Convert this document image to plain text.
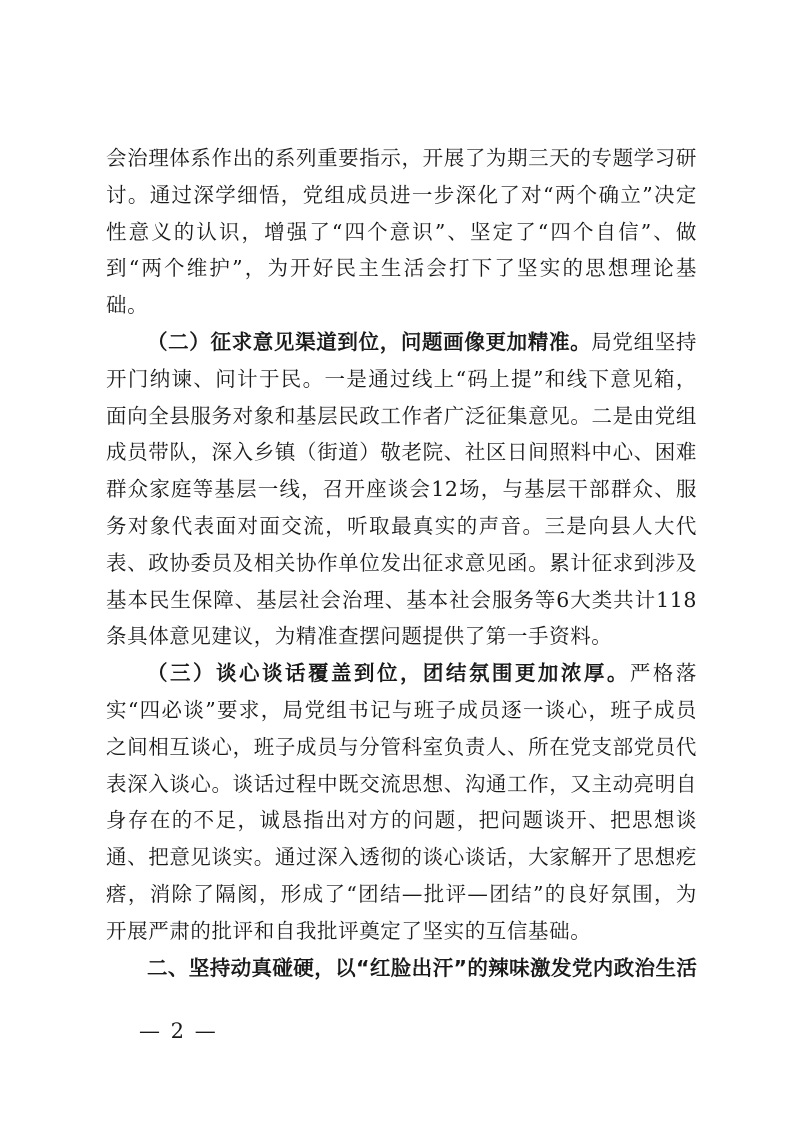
会治理体系作出的系列重要指示，开展了为期三天的专题学习研讨。通过深学细悟，党组成员进一步深化了对“两个确立”决定性意义的认识，增强了“四个意识”、坚定了“四个自信”、做到“两个维护”，为开好民主生活会打下了坚实的思想理论基础。

（二）征求意见渠道到位，问题画像更加精准。局党组坚持开门纳谏、问计于民。一是通过线上“码上提”和线下意见箱，面向全县服务对象和基层民政工作者广泛征集意见。二是由党组成员带队，深入乡镇（街道）敬老院、社区日间照料中心、困难群众家庭等基层一线，召开座谈会12场，与基层干部群众、服务对象代表面对面交流，听取最真实的声音。三是向县人大代表、政协委员及相关协作单位发出征求意见函。累计征求到涉及基本民生保障、基层社会治理、基本社会服务等6大类共计118条具体意见建议，为精准查摆问题提供了第一手资料。

（三）谈心谈话覆盖到位，团结氛围更加浓厚。严格落实“四必谈”要求，局党组书记与班子成员逐一谈心，班子成员之间相互谈心，班子成员与分管科室负责人、所在党支部党员代表深入谈心。谈话过程中既交流思想、沟通工作，又主动亮明自身存在的不足，诚恳指出对方的问题，把问题谈开、把思想谈通、把意见谈实。通过深入透彻的谈心谈话，大家解开了思想疙瘩，消除了隔阂，形成了“团结—批评—团结”的良好氛围，为开展严肃的批评和自我批评奠定了坚实的互信基础。

二、坚持动真碰硬，以“红脸出汗”的辣味激发党内政治生活

— 2 —
